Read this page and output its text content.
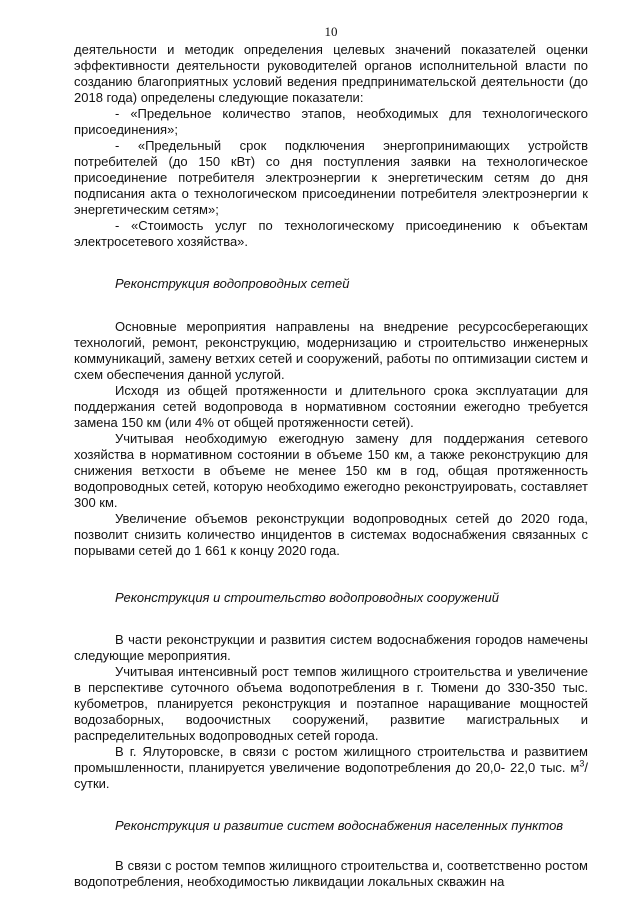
10

деятельности и методик определения целевых значений показателей оценки эффективности деятельности руководителей органов исполнительной власти по созданию благоприятных условий ведения предпринимательской деятельности (до 2018 года) определены следующие показатели:

- «Предельное количество этапов, необходимых для технологического присоединения»;

- «Предельный срок подключения энергопринимающих устройств потребителей (до 150 кВт) со дня поступления заявки на технологическое присоединение потребителя электроэнергии к энергетическим сетям до дня подписания акта о технологическом присоединении потребителя электроэнергии к энергетическим сетям»;

- «Стоимость услуг по технологическому присоединению к объектам электросетевого хозяйства».

Реконструкция водопроводных сетей

Основные мероприятия направлены на внедрение ресурсосберегающих технологий, ремонт, реконструкцию, модернизацию и строительство инженерных коммуникаций, замену ветхих сетей и сооружений, работы по оптимизации систем и схем обеспечения данной услугой.

Исходя из общей протяженности и длительного срока эксплуатации для поддержания сетей водопровода в нормативном состоянии ежегодно требуется замена 150 км (или 4% от общей протяженности сетей).

Учитывая необходимую ежегодную замену для поддержания сетевого хозяйства в нормативном состоянии в объеме 150 км, а также реконструкцию для снижения ветхости в объеме не менее 150 км в год, общая протяженность водопроводных сетей, которую необходимо ежегодно реконструировать, составляет 300 км.

Увеличение объемов реконструкции водопроводных сетей до 2020 года, позволит снизить количество инцидентов в системах водоснабжения связанных с порывами сетей до 1 661 к концу 2020 года.

Реконструкция и строительство водопроводных сооружений

В части реконструкции и развития систем водоснабжения городов намечены следующие мероприятия.

Учитывая интенсивный рост темпов жилищного строительства и увеличение в перспективе суточного объема водопотребления в г. Тюмени до 330-350 тыс. кубометров, планируется реконструкция и поэтапное наращивание мощностей водозаборных, водоочистных сооружений, развитие магистральных и распределительных водопроводных сетей города.

В г. Ялуторовске, в связи с ростом жилищного строительства и развитием промышленности, планируется увеличение водопотребления до 20,0- 22,0 тыс. $м^3$/сутки.

Реконструкция и развитие систем водоснабжения населенных пунктов

В связи с ростом темпов жилищного строительства и, соответственно ростом водопотребления, необходимостью ликвидации локальных скважин на
